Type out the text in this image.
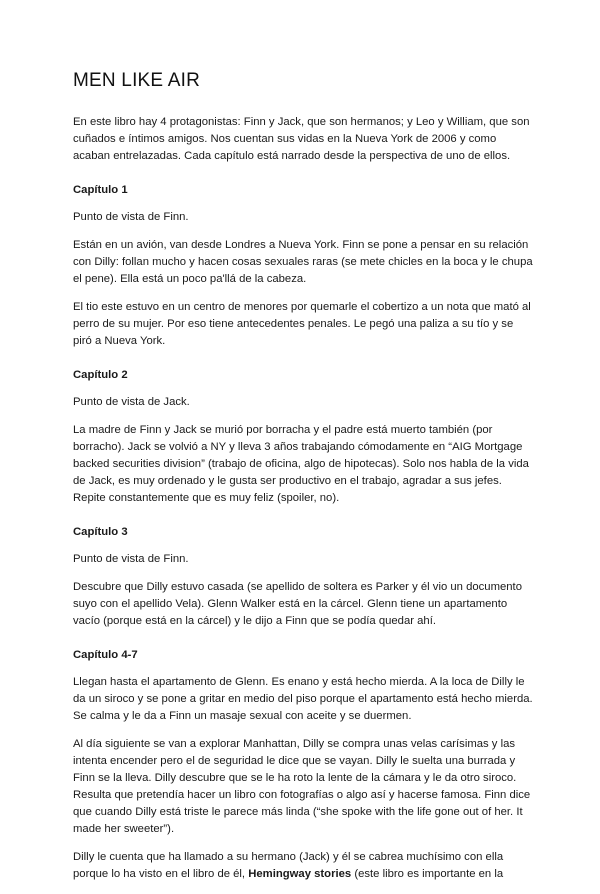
MEN LIKE AIR

En este libro hay 4 protagonistas: Finn y Jack, que son hermanos; y Leo y William, que son cuñados e íntimos amigos. Nos cuentan sus vidas en la Nueva York de 2006 y como acaban entrelazadas. Cada capítulo está narrado desde la perspectiva de uno de ellos.

Capítulo 1

Punto de vista de Finn.

Están en un avión, van desde Londres a Nueva York. Finn se pone a pensar en su relación con Dilly: follan mucho y hacen cosas sexuales raras (se mete chicles en la boca y le chupa el pene). Ella está un poco pa'llá de la cabeza.

El tio este estuvo en un centro de menores por quemarle el cobertizo a un nota que mató al perro de su mujer. Por eso tiene antecedentes penales. Le pegó una paliza a su tío y se piró a Nueva York.

Capítulo 2

Punto de vista de Jack.

La madre de Finn y Jack se murió por borracha y el padre está muerto también (por borracho). Jack se volvió a NY y lleva 3 años trabajando cómodamente en “AIG Mortgage backed securities division” (trabajo de oficina, algo de hipotecas). Solo nos habla de la vida de Jack, es muy ordenado y le gusta ser productivo en el trabajo, agradar a sus jefes. Repite constantemente que es muy feliz (spoiler, no).

Capítulo 3

Punto de vista de Finn.

Descubre que Dilly estuvo casada (se apellido de soltera es Parker y él vio un documento suyo con el apellido Vela). Glenn Walker está en la cárcel. Glenn tiene un apartamento vacío (porque está en la cárcel) y le dijo a Finn que se podía quedar ahí.

Capítulo 4-7

Llegan hasta el apartamento de Glenn. Es enano y está hecho mierda. A la loca de Dilly le da un siroco y se pone a gritar en medio del piso porque el apartamento está hecho mierda. Se calma y le da a Finn un masaje sexual con aceite y se duermen.

Al día siguiente se van a explorar Manhattan, Dilly se compra unas velas carísimas y las intenta encender pero el de seguridad le dice que se vayan. Dilly le suelta una burrada y Finn se la lleva. Dilly descubre que se le ha roto la lente de la cámara y le da otro siroco. Resulta que pretendía hacer un libro con fotografías o algo así y hacerse famosa. Finn dice que cuando Dilly está triste le parece más linda (“she spoke with the life gone out of her. It made her sweeter”).

Dilly le cuenta que ha llamado a su hermano (Jack) y él se cabrea muchísimo con ella porque lo ha visto en el libro de él, Hemingway stories (este libro es importante en la
